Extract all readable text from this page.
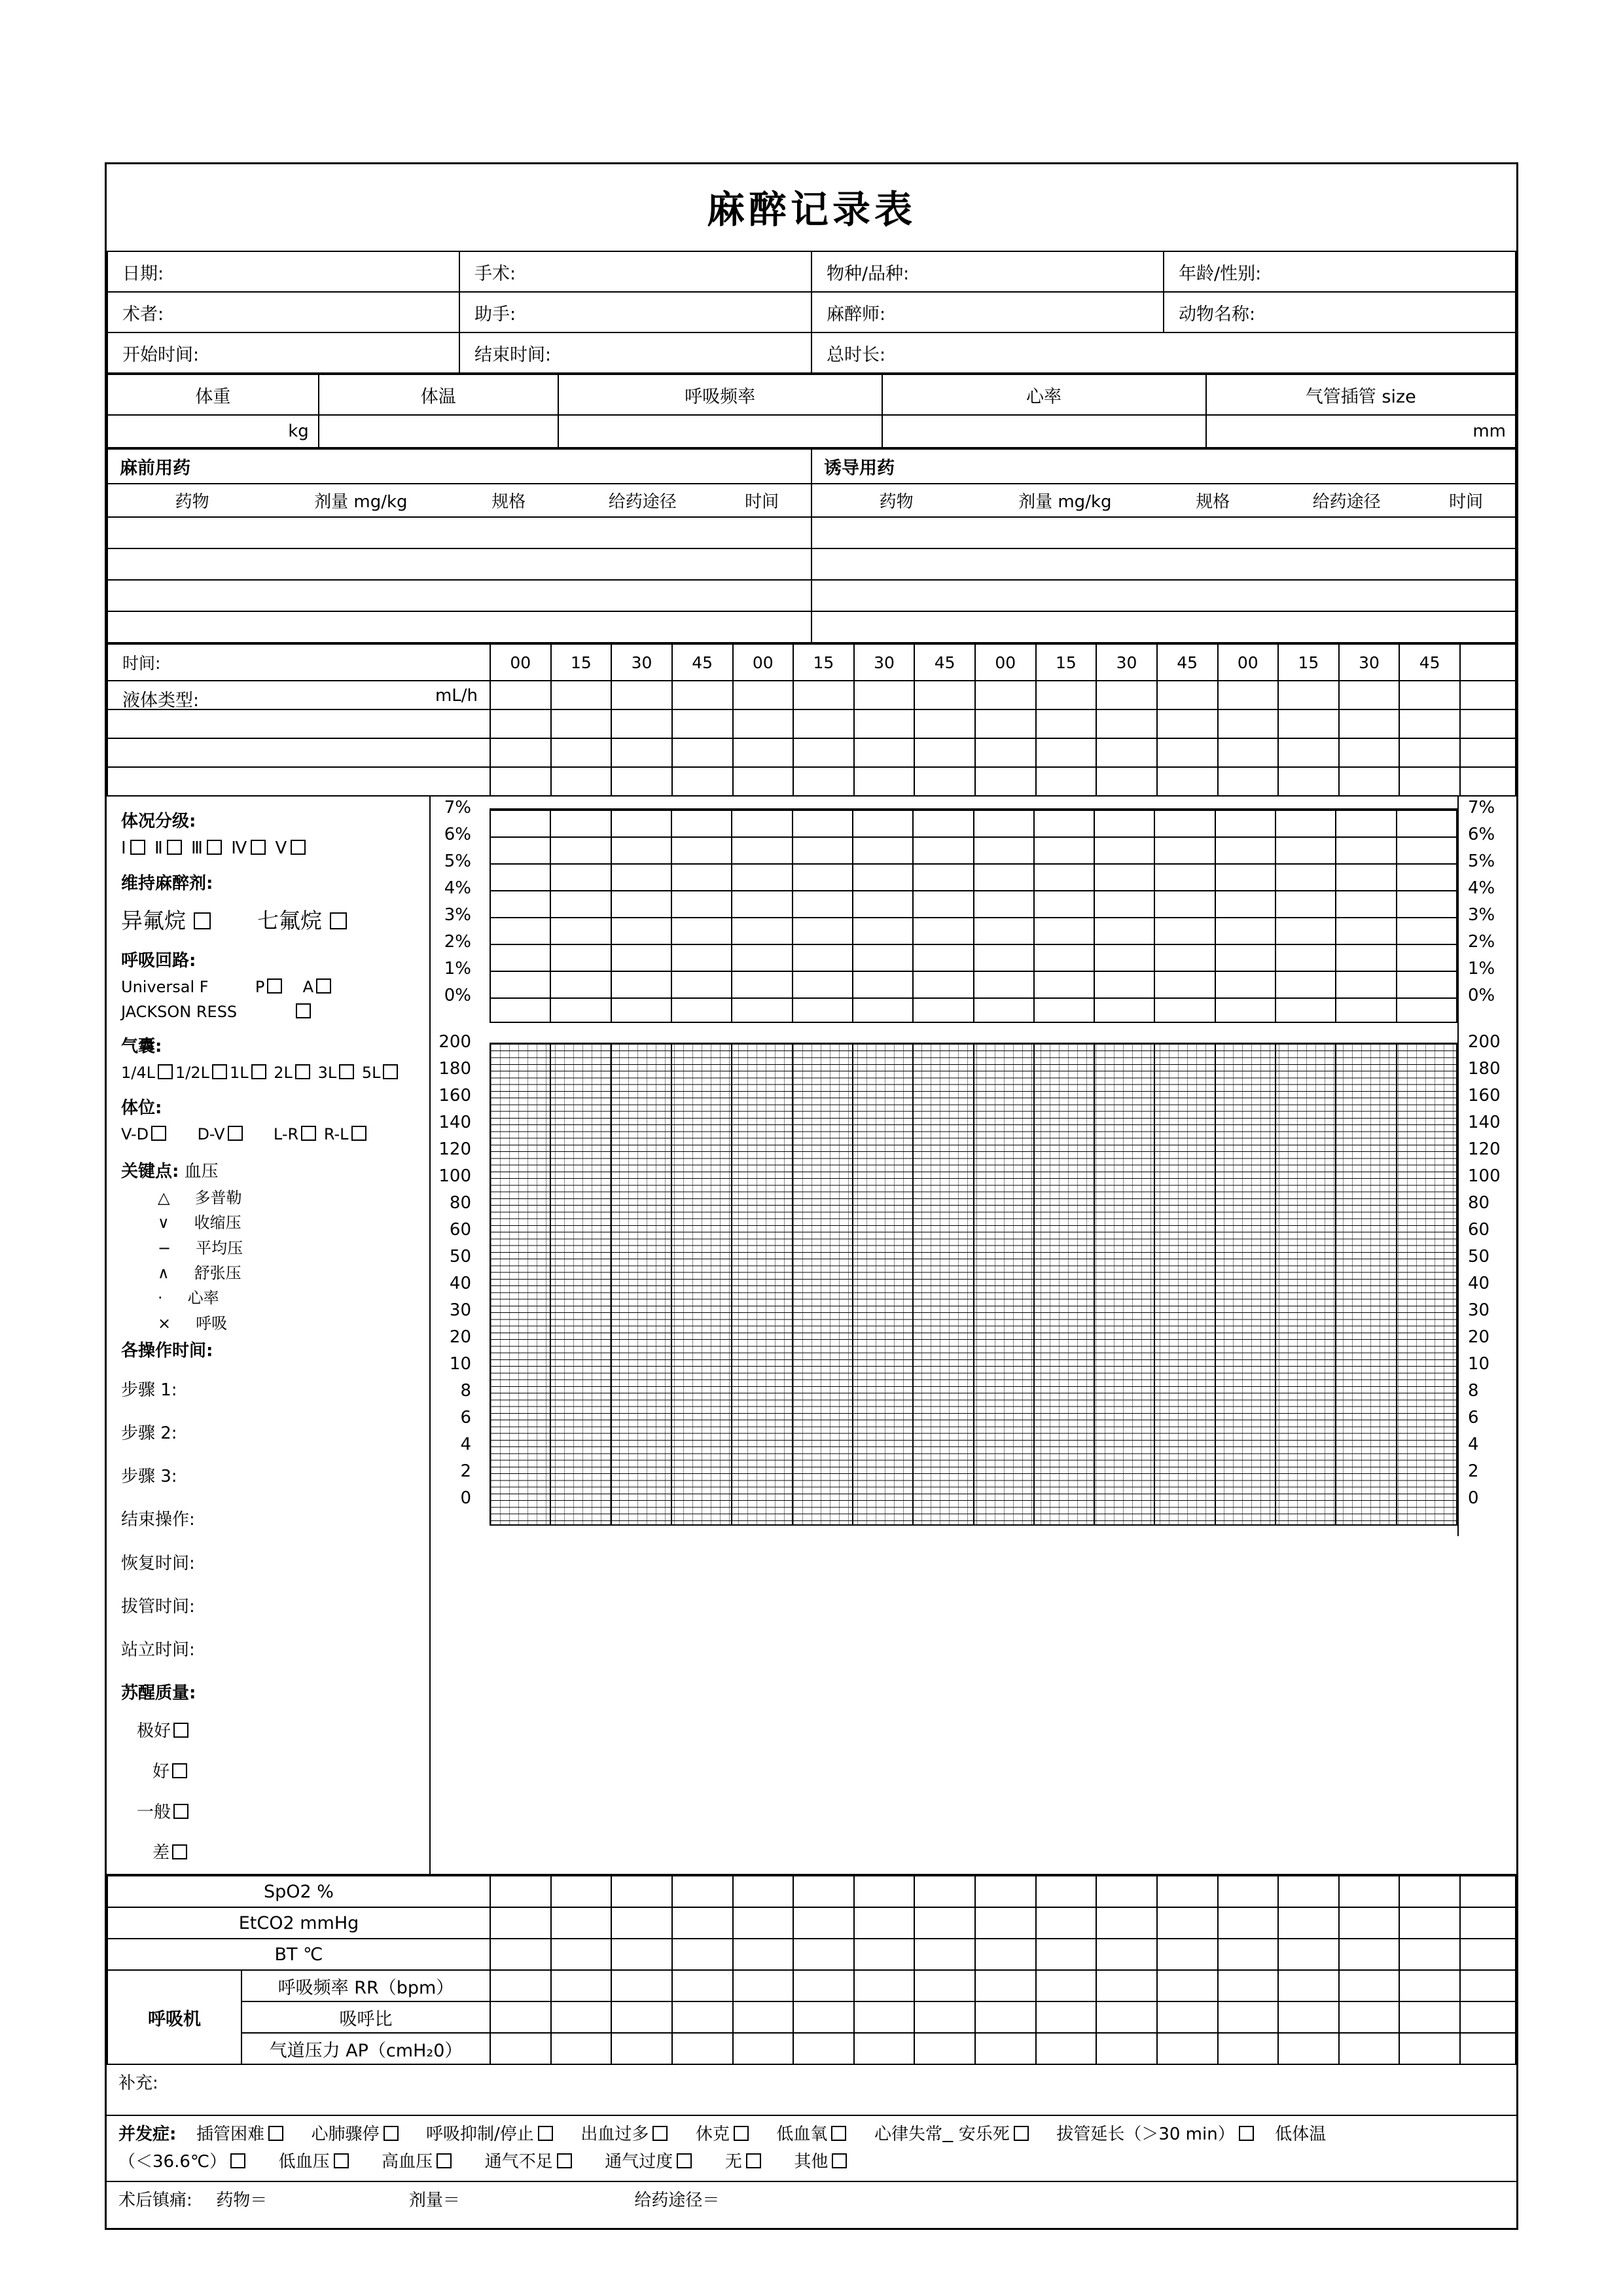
麻醉记录表
日期:	手术:	物种/品种:	年龄/性别:
术者:	助手:	麻醉师:	动物名称:
开始时间:	结束时间:	总时长:	
体重	体温	呼吸频率	心率	气管插管 size
kg				mm
麻前用药					诱导用药				
药物	剂量 mg/kg	规格	给药途径	时间	药物	剂量 mg/kg	规格	给药途径	时间

时间:	00	15	30	45	00	15	30	45	00	15	30	45	00	15	30	45	

液体类型: mL/h																	

体况分级:
Ⅰ Ⅱ Ⅲ Ⅳ Ⅴ
维持麻醉剂:
异氟烷	七氟烷
呼吸回路:
Universal F	P A
JACKSON RESS
气囊:
1/4L 1/2L 1L 2L 3L 5L
体位:
V-D	D-V	L-R R-L
关键点: 血压
△ 多普勒
∨ 收缩压
− 平均压
∧ 舒张压
· 心率
× 呼吸
各操作时间:
步骤 1:
步骤 2:
步骤 3:
结束操作:
恢复时间:
拔管时间:
站立时间:
苏醒质量:
极好
好
一般
差
7%
6%
5%
4%
3%
2%
1%
0%
200
180
160
140
120
100
80
60
50
40
30
20
10
8
6
4
2
0
7%
6%
5%
4%
3%
2%
1%
0%
200
180
160
140
120
100
80
60
50
40
30
20
10
8
6
4
2
0
SpO2 %																		
EtCO2 mmHg																		
BT ℃																		
呼吸机	呼吸频率 RR（bpm）																	
	吸呼比																	
	气道压力 AP（cmH₂0）																	
补充:
并发症: 插管困难	心肺骤停	呼吸抑制/停止	出血过多	休克	低血氧	心律失常 安乐死	拔管延长（＞30 min） 低体温
（＜36.6℃）	低血压	高血压	通气不足	通气过度	无	其他
术后镇痛: 药物＝	剂量＝	给药途径＝
